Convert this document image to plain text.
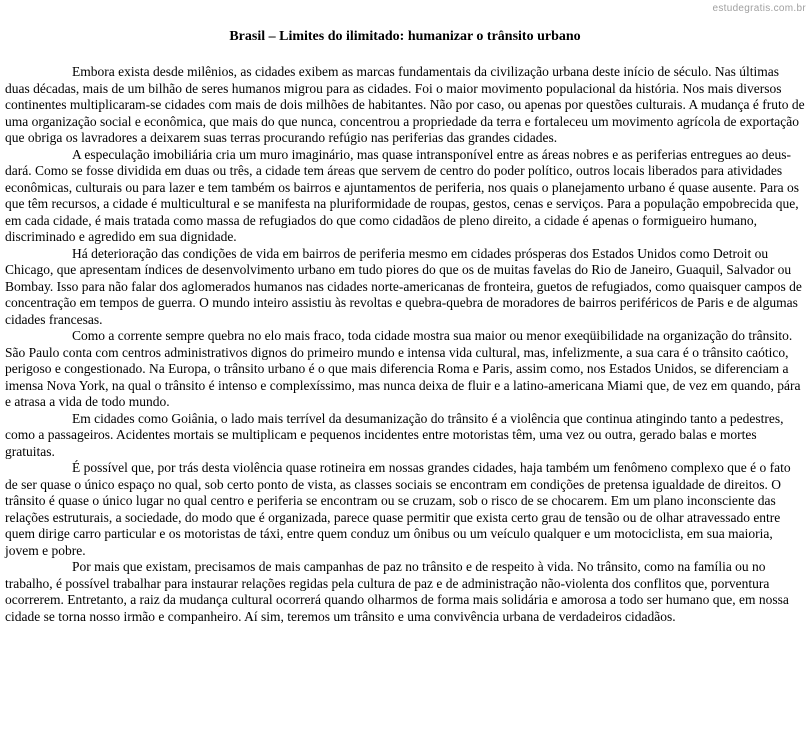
estudegratis.com.br
Brasil – Limites do ilimitado: humanizar o trânsito urbano

Embora exista desde milênios, as cidades exibem as marcas fundamentais da civilização urbana deste início de século. Nas últimas duas décadas, mais de um bilhão de seres humanos migrou para as cidades. Foi o maior movimento populacional da história. Nos mais diversos continentes multiplicaram-se cidades com mais de dois milhões de habitantes. Não por caso, ou apenas por questões culturais. A mudança é fruto de uma organização social e econômica, que mais do que nunca, concentrou a propriedade da terra e fortaleceu um movimento agrícola de exportação que obriga os lavradores a deixarem suas terras procurando refúgio nas periferias das grandes cidades.

A especulação imobiliária cria um muro imaginário, mas quase intransponível entre as áreas nobres e as periferias entregues ao deus-dará. Como se fosse dividida em duas ou três, a cidade tem áreas que servem de centro do poder político, outros locais liberados para atividades econômicas, culturais ou para lazer e tem também os bairros e ajuntamentos de periferia, nos quais o planejamento urbano é quase ausente. Para os que têm recursos, a cidade é multicultural e se manifesta na pluriformidade de roupas, gestos, cenas e serviços. Para a população empobrecida que, em cada cidade, é mais tratada como massa de refugiados do que como cidadãos de pleno direito, a cidade é apenas o formigueiro humano, discriminado e agredido em sua dignidade.

Há deterioração das condições de vida em bairros de periferia mesmo em cidades prósperas dos Estados Unidos como Detroit ou Chicago, que apresentam índices de desenvolvimento urbano em tudo piores do que os de muitas favelas do Rio de Janeiro, Guaquil, Salvador ou Bombay. Isso para não falar dos aglomerados humanos nas cidades norte-americanas de fronteira, guetos de refugiados, como quaisquer campos de concentração em tempos de guerra. O mundo inteiro assistiu às revoltas e quebra-quebra de moradores de bairros periféricos de Paris e de algumas cidades francesas.

Como a corrente sempre quebra no elo mais fraco, toda cidade mostra sua maior ou menor exeqüibilidade na organização do trânsito. São Paulo conta com centros administrativos dignos do primeiro mundo e intensa vida cultural, mas, infelizmente, a sua cara é o trânsito caótico, perigoso e congestionado. Na Europa, o trânsito urbano é o que mais diferencia Roma e Paris, assim como, nos Estados Unidos, se diferenciam a imensa Nova York, na qual o trânsito é intenso e complexíssimo, mas nunca deixa de fluir e a latino-americana Miami que, de vez em quando, pára e atrasa a vida de todo mundo.

Em cidades como Goiânia, o lado mais terrível da desumanização do trânsito é a violência que continua atingindo tanto a pedestres, como a passageiros. Acidentes mortais se multiplicam e pequenos incidentes entre motoristas têm, uma vez ou outra, gerado balas e mortes gratuitas.

É possível que, por trás desta violência quase rotineira em nossas grandes cidades, haja também um fenômeno complexo que é o fato de ser quase o único espaço no qual, sob certo ponto de vista, as classes sociais se encontram em condições de pretensa igualdade de direitos. O trânsito é quase o único lugar no qual centro e periferia se encontram ou se cruzam, sob o risco de se chocarem. Em um plano inconsciente das relações estruturais, a sociedade, do modo que é organizada, parece quase permitir que exista certo grau de tensão ou de olhar atravessado entre quem dirige carro particular e os motoristas de táxi, entre quem conduz um ônibus ou um veículo qualquer e um motociclista, em sua maioria, jovem e pobre.

Por mais que existam, precisamos de mais campanhas de paz no trânsito e de respeito à vida. No trânsito, como na família ou no trabalho, é possível trabalhar para instaurar relações regidas pela cultura de paz e de administração não-violenta dos conflitos que, porventura ocorrerem. Entretanto, a raiz da mudança cultural ocorrerá quando olharmos de forma mais solidária e amorosa a todo ser humano que, em nossa cidade se torna nosso irmão e companheiro. Aí sim, teremos um trânsito e uma convivência urbana de verdadeiros cidadãos.
